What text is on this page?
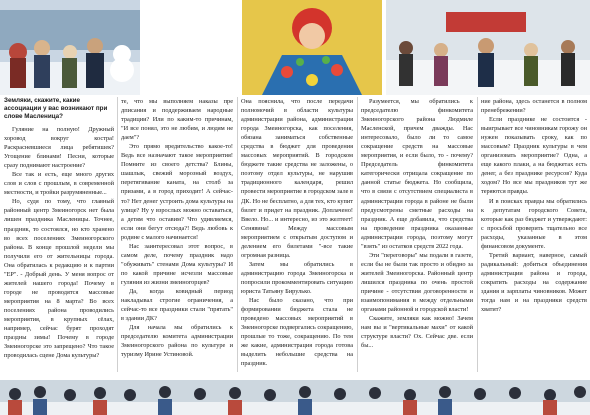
Земляки, скажите, какие ассоциации у вас возникают при слове Масленица?

Гуляние на полную! Дружный хоровод вокруг костра! Раскрасневшиеся лица ребятишек? Угощение блинами! Песни, которые сразу поднимают настроение?

Все так и есть, еще много других слов и слов с прошлым, в современной местности, и тройки разрумяненные...

Но, судя по тому, что главный районный центр Змеиногорск нет была лишен праздника Масленицы. Точнее, праздник, то состоялся, но кто хранено во всех поселениях Змеиногорского района. В конце прошлой недели мы получили его от жительницы города. Она обратилась к редакцию и к партии "ЕР". - Добрый день. У меня вопрос от жителей нашего города! Почему в городе не проводятся массовые мероприятия на 8 марта? Во всех поселениях района проводились мероприятия, в крупных сёлах, например, сейчас бурят проходят праздны зимы! Почему в городе Змеиногорске это запрещено? Что такое проводилась сцене Дома культуры?

те, что мы выполняем наказы пре дписания и поддерживаем народные традиции? Или по каким-то причинам, "И все понял, это не любим, и людям не даем"?

Это прямо вредительство какое-то! Ведь все назначают такое мероприятия! Помните из своего детства? Блины, шашлык, свежий морозный воздух, перетягивание каната, на столб за призами, а в город приходит! А сейчас-то? Нет денег устроить дома культуры на улице? Ну у взрослых можно оставаться, а детям что оставим? Что удивляемся, если они бегут отсюда?! Ведь любовь к родине с малого начинается!

Нас заинтересовал этот вопрос, в самом деле, почему праздник надо "обуживать" стенами Дома культуры? И по какой причине исчезли массовые гуляния из жизни змеиногорцев?

Да, когда ковидный период накладывал строгие ограничения, а сейчас-то все праздники стали "прятать" в здании ДК?

Для начала мы обратились к председателю комитета администрации Змеиногорского района по культуре и туризму Ирине Устиновой.

Она пояснила, что после передачи полномочий в области культуры администрации района, администрация города Змеиногорска, как поселения, обязана заниматься собственные средства в бюджет для проведения массовых мероприятий. В городском бюджете такие средства не заложены, о поэтому отдел культуры, не нарушив традиционного календаря, решил провести мероприятие в городском зале в ДК. Но не бесплатно, а для тех, кто купит билет и придет на праздник. Доплачено! Ввело. Но... и интересно, из это желтеет! Сенявина! Между массовым мероприятием с открытым доступом и делением его билетами "-все такие огромная разница.

Затем мы обратились в администрацию города Змеиногорска и попросили прокомментировать ситуацию юриста Татьяну Бирулько.

Нас было сказано, что при формировании бюджета стала не проведено массовых мероприятий в Змеиногорске подвергались сокращению, прошлые то тоже, сокращению. По тем же какие, администрация города готова выделить небольшие средства на праздник.

Разумеется, мы обратились к председателю финкомитета Змеиногорского района Людмиле Масленской, причем дважды. Нас интересовало, было ли то самое сокращение средств на массовые мероприятия, и если было, то - почему? Председатель финкомитета категорически отрицала сокращение по данной статье бюджета. Но сообщила, что в связи с отсутствием специалиста в администрации города в районе не были предусмотрены сметные расходы на праздник. А еще добавила, что средства на проведение праздника оказанные администрации города, поэтому могут "взять" из остатков средств 2022 года.

Эти "переговоры" мы подали в газете, если бы не были так просто и обидно за жителей Змеиногорска. Районный центр лишился праздника по очень простой причине - отсутствия договоренности и взаимопонимания в между отдельными органами районной и городской власти!

Скажите, земляки как можно! Зачем нам вы и "вертикальные махи" от какой структуре власти? Ох. Сейчас две. если бы...

ние района, здесь останется в полном пренебрежении?

Если празднике не состоится - выигрывает все чиновникам горожу он нужен показывать сроку, как по массовым? Праздник культуры в чем организовать мероприятие? Одна, а еще какого плаки, а на бюджетах есть денег, а без празднике ресурсов? Куда ходом? Но все мы праздников тут же теряются правды.

И в поисках правды мы обратились к депутатам городского Совета, которые как раз бюджет и утверждают: с просьбой проверить тщательно все расходы, указанные в этом финансовом документе.

Третий вариант, наверное, самый радикальный: добиться объединения администрации района и города, сократить расходы на содержание здания и зарплаты чиновников. Может тогда нам и на праздники средств хватит?
